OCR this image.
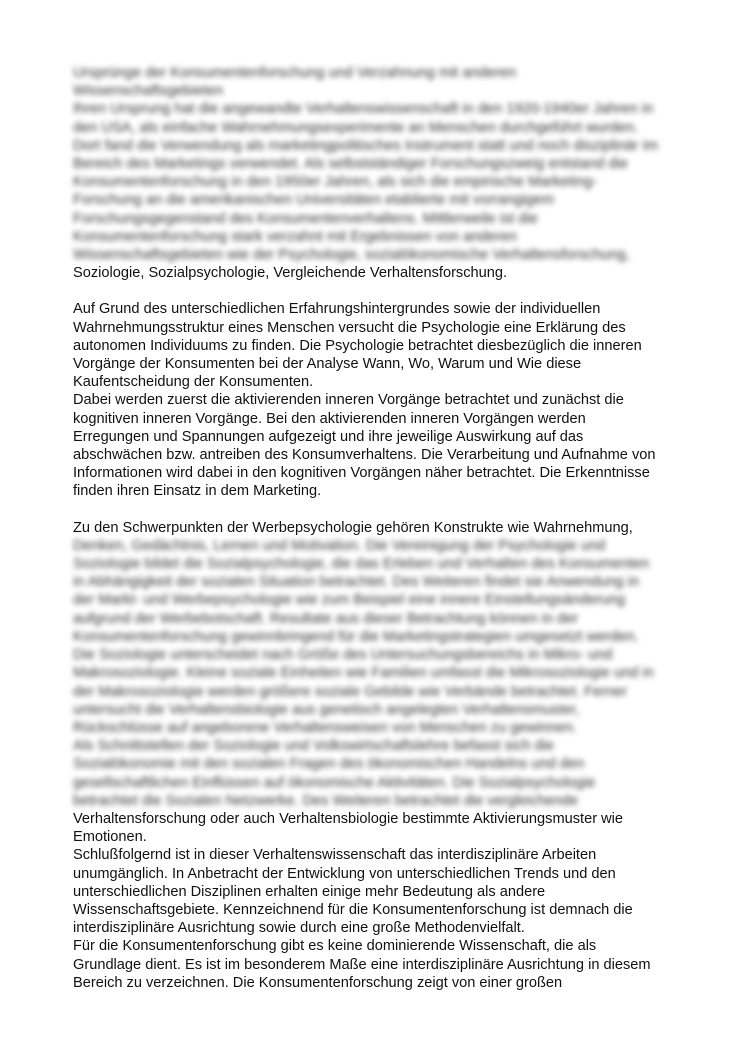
Ursprünge der Konsumentenforschung und Verzahnung mit anderen
Wissenschaftsgebieten
Ihren Ursprung hat die angewandte Verhaltenswissenschaft in den 1920-1940er Jahren in
den USA, als einfache Wahrnehmungsexperimente an Menschen durchgeführt wurden.
Dort fand die Verwendung als marketingpolitisches Instrument statt und noch disziplinär im
Bereich des Marketings verwendet. Als selbstständiger Forschungszweig entstand die
Konsumentenforschung in den 1950er Jahren, als sich die empirische Marketing-
Forschung an die amerikanischen Universitäten etablierte mit vorrangigem
Forschungsgegenstand des Konsumentenverhaltens. Mittlerweile ist die
Konsumentenforschung stark verzahnt mit Ergebnissen von anderen
Wissenschaftsgebieten wie der Psychologie, sozialökonomische Verhaltensforschung,
Soziologie, Sozialpsychologie, Vergleichende Verhaltensforschung.
Auf Grund des unterschiedlichen Erfahrungshintergrundes sowie der individuellen
Wahrnehmungsstruktur eines Menschen versucht die Psychologie eine Erklärung des
autonomen Individuums zu finden. Die Psychologie betrachtet diesbezüglich die inneren
Vorgänge der Konsumenten bei der Analyse Wann, Wo, Warum und Wie diese
Kaufentscheidung der Konsumenten.
Dabei werden zuerst die aktivierenden inneren Vorgänge betrachtet und zunächst die
kognitiven inneren Vorgänge. Bei den aktivierenden inneren Vorgängen werden
Erregungen und Spannungen aufgezeigt und ihre jeweilige Auswirkung auf das
abschwächen bzw. antreiben des Konsumverhaltens. Die Verarbeitung und Aufnahme von
Informationen wird dabei in den kognitiven Vorgängen näher betrachtet. Die Erkenntnisse
finden ihren Einsatz in dem Marketing.
Zu den Schwerpunkten der Werbepsychologie gehören Konstrukte wie Wahrnehmung,
Denken, Gedächtnis, Lernen und Motivation. Die Vereinigung der Psychologie und
Soziologie bildet die Sozialpsychologie, die das Erleben und Verhalten des Konsumenten
in Abhängigkeit der sozialen Situation betrachtet. Des Weiteren findet sie Anwendung in
der Markt- und Werbepsychologie wie zum Beispiel eine innere Einstellungsänderung
aufgrund der Werbebotschaft. Resultate aus dieser Betrachtung können in der
Konsumentenforschung gewinnbringend für die Marketingstrategien umgesetzt werden.
Die Soziologie unterscheidet nach Größe des Untersuchungsbereichs in Mikro- und
Makrosoziologie. Kleine soziale Einheiten wie Familien umfasst die Mikrosoziologie und in
der Makrosoziologie werden größere soziale Gebilde wie Verbände betrachtet. Ferner
untersucht die Verhaltensbiologie aus genetisch angelegten Verhaltensmuster,
Rückschlüsse auf angeborene Verhaltensweisen von Menschen zu gewinnen.
Als Schnittstellen der Soziologie und Volkswirtschaftslehre befasst sich die
Sozialökonomie mit den sozialen Fragen des ökonomischen Handelns und den
gesellschaftlichen Einflüssen auf ökonomische Aktivitäten. Die Sozialpsychologie
betrachtet die Sozialen Netzwerke. Des Weiteren betrachtet die vergleichende
Verhaltensforschung oder auch Verhaltensbiologie bestimmte Aktivierungsmuster wie
Emotionen.
Schlußfolgernd ist in dieser Verhaltenswissenschaft das interdisziplinäre Arbeiten
unumgänglich. In Anbetracht der Entwicklung von unterschiedlichen Trends und den
unterschiedlichen Disziplinen erhalten einige mehr Bedeutung als andere
Wissenschaftsgebiete. Kennzeichnend für die Konsumentenforschung ist demnach die
interdisziplinäre Ausrichtung sowie durch eine große Methodenvielfalt.
Für die Konsumentenforschung gibt es keine dominierende Wissenschaft, die als
Grundlage dient. Es ist im besonderem Maße eine interdisziplinäre Ausrichtung in diesem
Bereich zu verzeichnen. Die Konsumentenforschung zeigt von einer großen
